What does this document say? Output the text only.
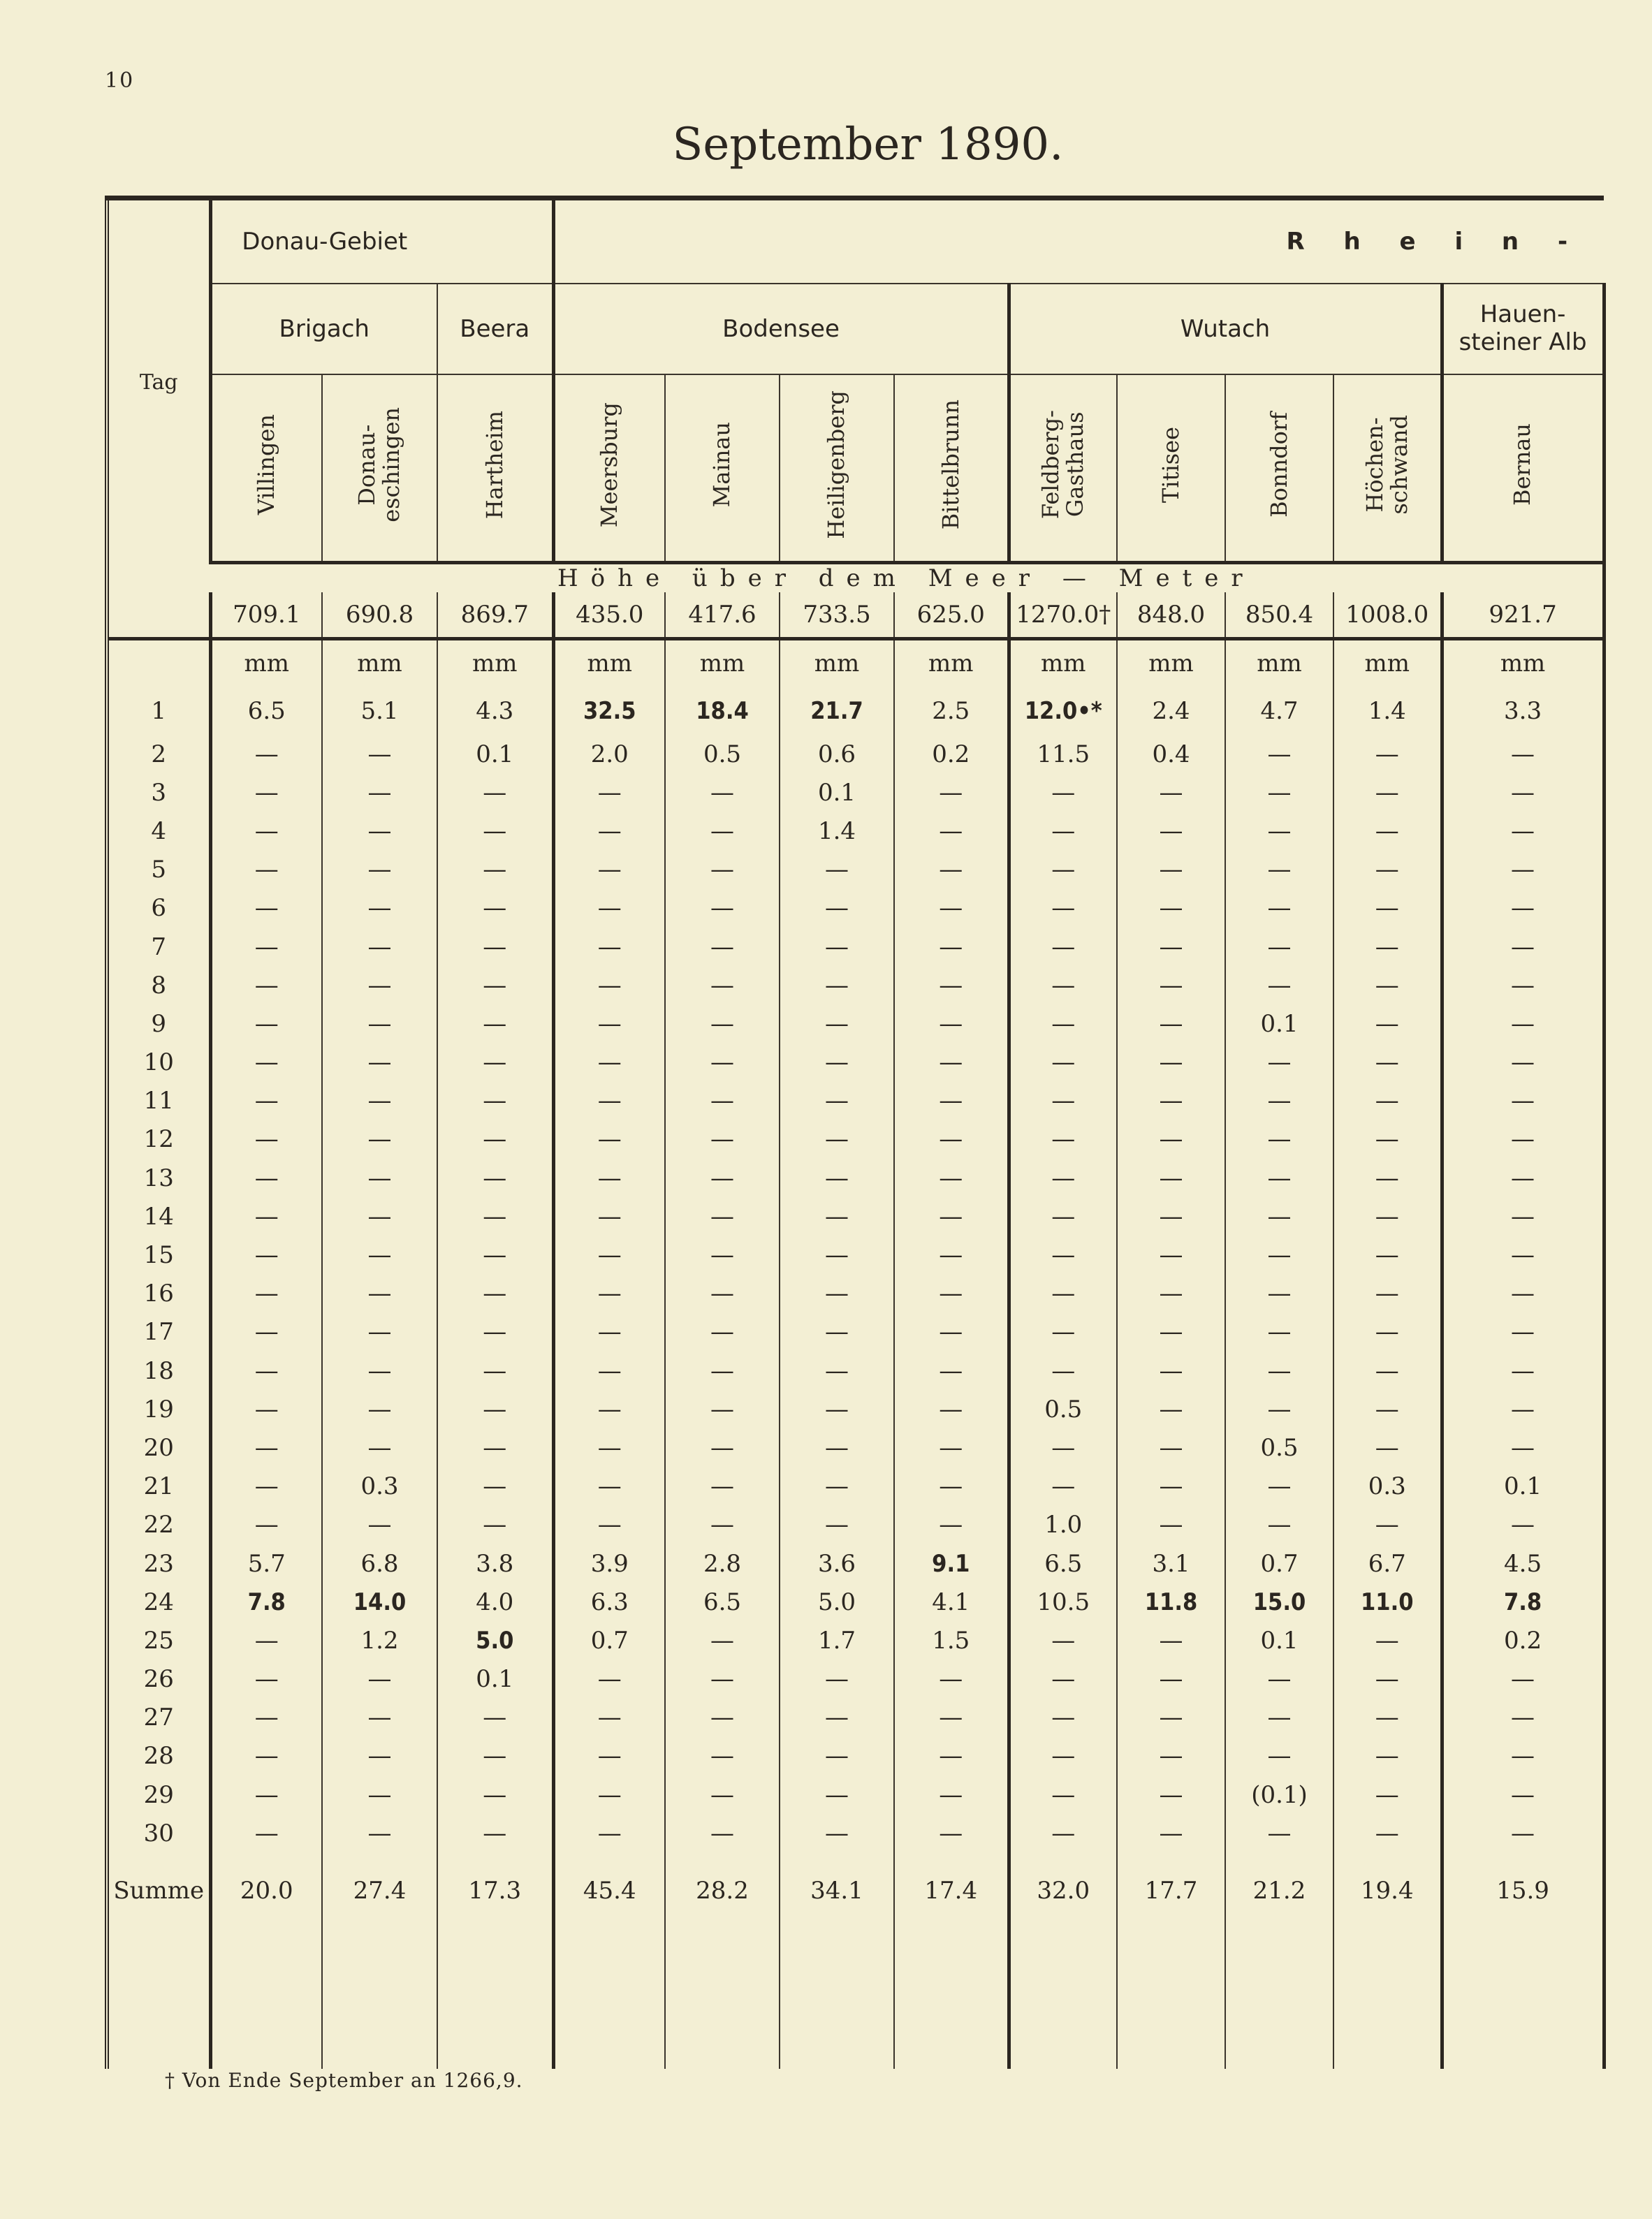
10
September 1890.
Tag	Donau-Gebiet			R h e i n -								
	Brigach		Beera	Bodensee				Wutach				Hauen-
steiner Alb
	Villingen	Donau-
eschingen	Hartheim	Meersburg	Mainau	Heiligenberg	Bittelbrunn	Feldberg-
Gasthaus	Titisee	Bonndorf	Höchen-
schwand	Bernau
	Höhe über dem Meer — Meter											
	709.1	690.8	869.7	435.0	417.6	733.5	625.0	1270.0†	848.0	850.4	1008.0	921.7
	mm	mm	mm	mm	mm	mm	mm	mm	mm	mm	mm	mm
1	6.5	5.1	4.3	32.5	18.4	21.7	2.5	12.0•*	2.4	4.7	1.4	3.3
2	—	—	0.1	2.0	0.5	0.6	0.2	11.5	0.4	—	—	—
3	—	—	—	—	—	0.1	—	—	—	—	—	—
4	—	—	—	—	—	1.4	—	—	—	—	—	—
5	—	—	—	—	—	—	—	—	—	—	—	—
6	—	—	—	—	—	—	—	—	—	—	—	—
7	—	—	—	—	—	—	—	—	—	—	—	—
8	—	—	—	—	—	—	—	—	—	—	—	—
9	—	—	—	—	—	—	—	—	—	0.1	—	—
10	—	—	—	—	—	—	—	—	—	—	—	—
11	—	—	—	—	—	—	—	—	—	—	—	—
12	—	—	—	—	—	—	—	—	—	—	—	—
13	—	—	—	—	—	—	—	—	—	—	—	—
14	—	—	—	—	—	—	—	—	—	—	—	—
15	—	—	—	—	—	—	—	—	—	—	—	—
16	—	—	—	—	—	—	—	—	—	—	—	—
17	—	—	—	—	—	—	—	—	—	—	—	—
18	—	—	—	—	—	—	—	—	—	—	—	—
19	—	—	—	—	—	—	—	0.5	—	—	—	—
20	—	—	—	—	—	—	—	—	—	0.5	—	—
21	—	0.3	—	—	—	—	—	—	—	—	0.3	0.1
22	—	—	—	—	—	—	—	1.0	—	—	—	—
23	5.7	6.8	3.8	3.9	2.8	3.6	9.1	6.5	3.1	0.7	6.7	4.5
24	7.8	14.0	4.0	6.3	6.5	5.0	4.1	10.5	11.8	15.0	11.0	7.8
25	—	1.2	5.0	0.7	—	1.7	1.5	—	—	0.1	—	0.2
26	—	—	0.1	—	—	—	—	—	—	—	—	—
27	—	—	—	—	—	—	—	—	—	—	—	—
28	—	—	—	—	—	—	—	—	—	—	—	—
29	—	—	—	—	—	—	—	—	—	(0.1)	—	—
30	—	—	—	—	—	—	—	—	—	—	—	—
Summe	20.0	27.4	17.3	45.4	28.2	34.1	17.4	32.0	17.7	21.2	19.4	15.9

† Von Ende September an 1266,9.
